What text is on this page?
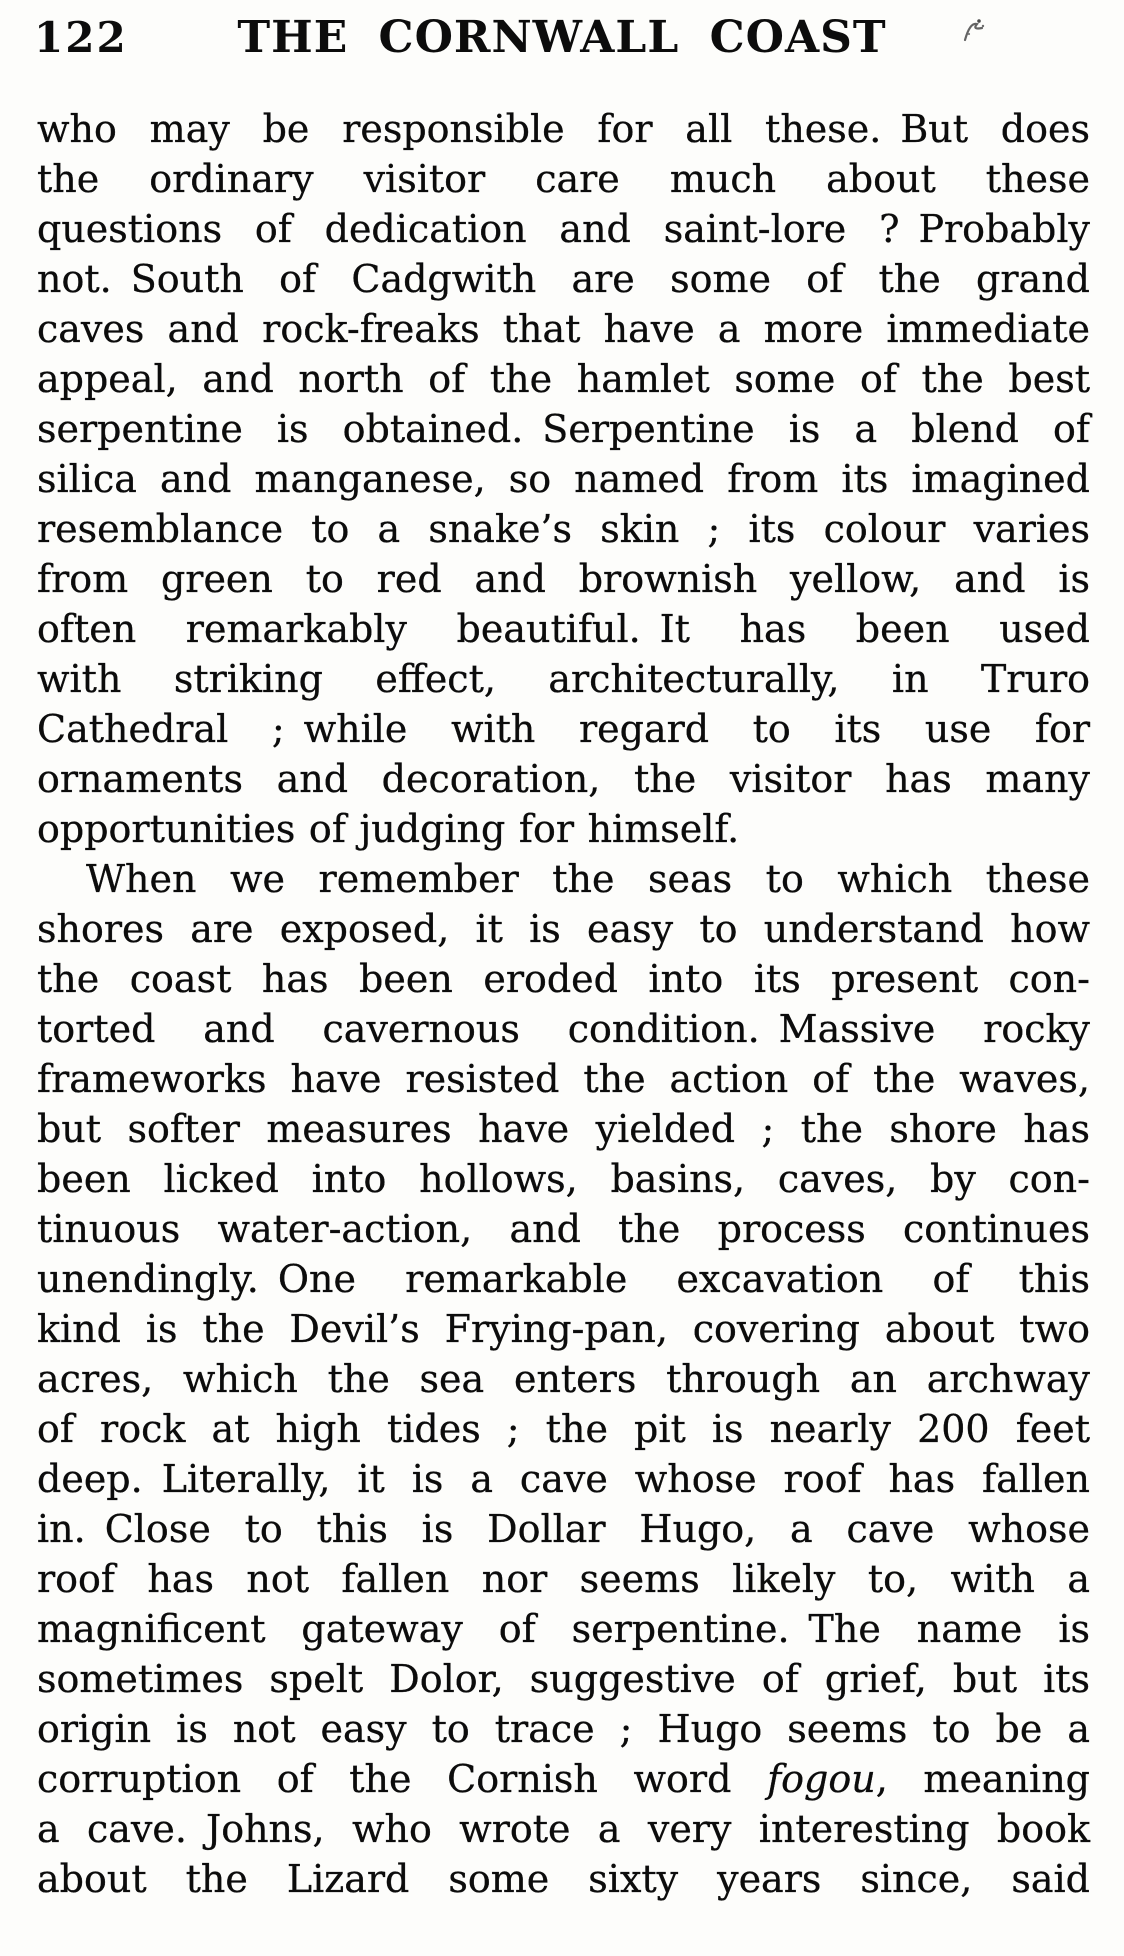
122	THE CORNWALL COAST
who may be responsible for all these. But does
the ordinary visitor care much about these
questions of dedication and saint-lore ? Probably
not. South of Cadgwith are some of the grand
caves and rock-freaks that have a more immediate
appeal, and north of the hamlet some of the best
serpentine is obtained. Serpentine is a blend of
silica and manganese, so named from its imagined
resemblance to a snake’s skin ; its colour varies
from green to red and brownish yellow, and is
often remarkably beautiful. It has been used
with striking effect, architecturally, in Truro
Cathedral ; while with regard to its use for
ornaments and decoration, the visitor has many
opportunities of judging for himself.
When we remember the seas to which these
shores are exposed, it is easy to understand how
the coast has been eroded into its present con-
torted and cavernous condition. Massive rocky
frameworks have resisted the action of the waves,
but softer measures have yielded ; the shore has
been licked into hollows, basins, caves, by con-
tinuous water-action, and the process continues
unendingly. One remarkable excavation of this
kind is the Devil’s Frying-pan, covering about two
acres, which the sea enters through an archway
of rock at high tides ; the pit is nearly 200 feet
deep. Literally, it is a cave whose roof has fallen
in. Close to this is Dollar Hugo, a cave whose
roof has not fallen nor seems likely to, with a
magnificent gateway of serpentine. The name is
sometimes spelt Dolor, suggestive of grief, but its
origin is not easy to trace ; Hugo seems to be a
corruption of the Cornish word fogou, meaning
a cave. Johns, who wrote a very interesting book
about the Lizard some sixty years since, said
